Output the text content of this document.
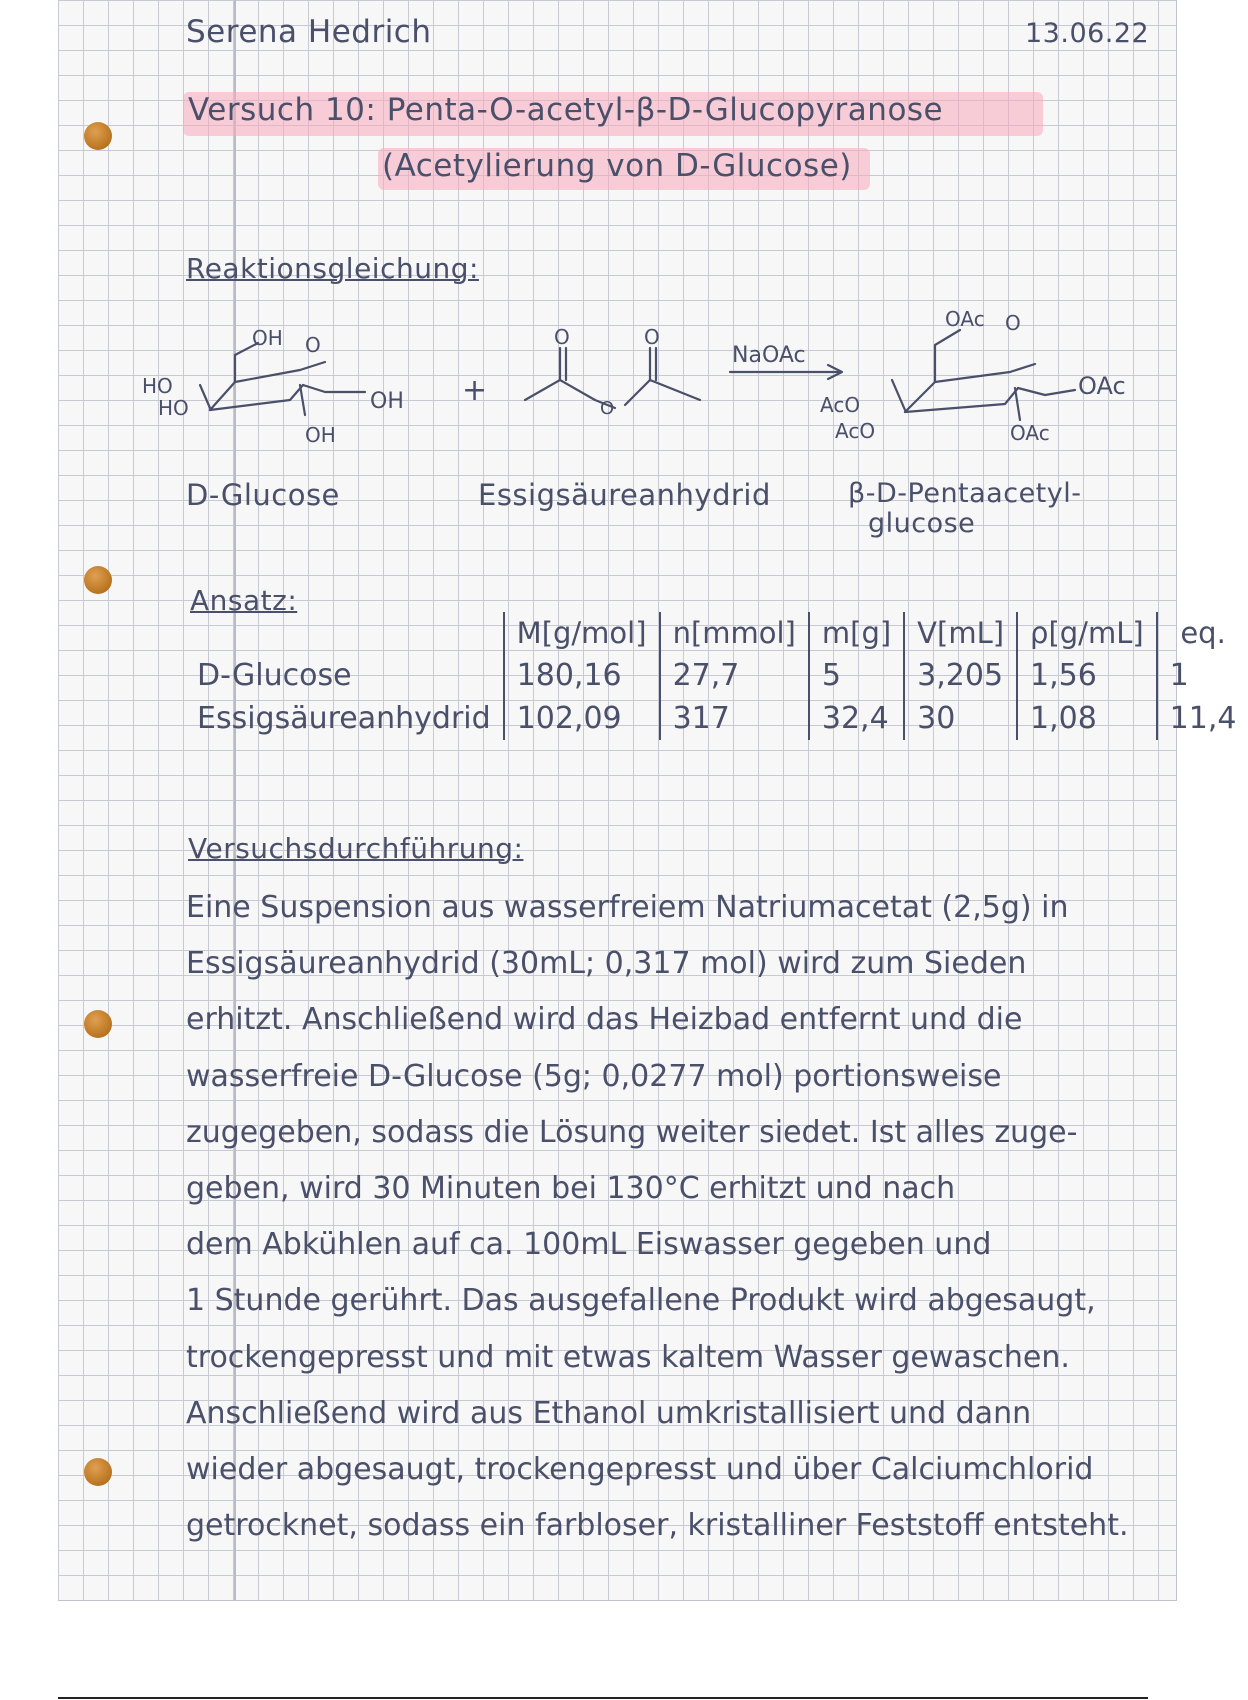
Serena Hedrich	13.06.22
Versuch 10: Penta-O-acetyl-β-D-Glucopyranose
(Acetylierung von D-Glucose)
Reaktionsgleichung:
OH O
HO
HO	OH
OH
+
O	O
O
NaOAc
OAc O
OAc
AcO
AcO	OAc
D-Glucose	Essigsäureanhydrid	β-D-Pentaacetyl-
glucose
Ansatz:
	M[g/mol]	n[mmol]	m[g]	V[mL]	ρ[g/mL]	eq.
D-Glucose	180,16	27,7	5	3,205	1,56	1
Essigsäureanhydrid	102,09	317	32,4	30	1,08	11,4
Versuchsdurchführung:
Eine Suspension aus wasserfreiem Natriumacetat (2,5g) in
Essigsäureanhydrid (30mL; 0,317 mol) wird zum Sieden
erhitzt. Anschließend wird das Heizbad entfernt und die
wasserfreie D-Glucose (5g; 0,0277 mol) portionsweise
zugegeben, sodass die Lösung weiter siedet. Ist alles zuge-
geben, wird 30 Minuten bei 130°C erhitzt und nach
dem Abkühlen auf ca. 100mL Eiswasser gegeben und
1 Stunde gerührt. Das ausgefallene Produkt wird abgesaugt,
trockengepresst und mit etwas kaltem Wasser gewaschen.
Anschließend wird aus Ethanol umkristallisiert und dann
wieder abgesaugt, trockengepresst und über Calciumchlorid
getrocknet, sodass ein farbloser, kristalliner Feststoff entsteht.
